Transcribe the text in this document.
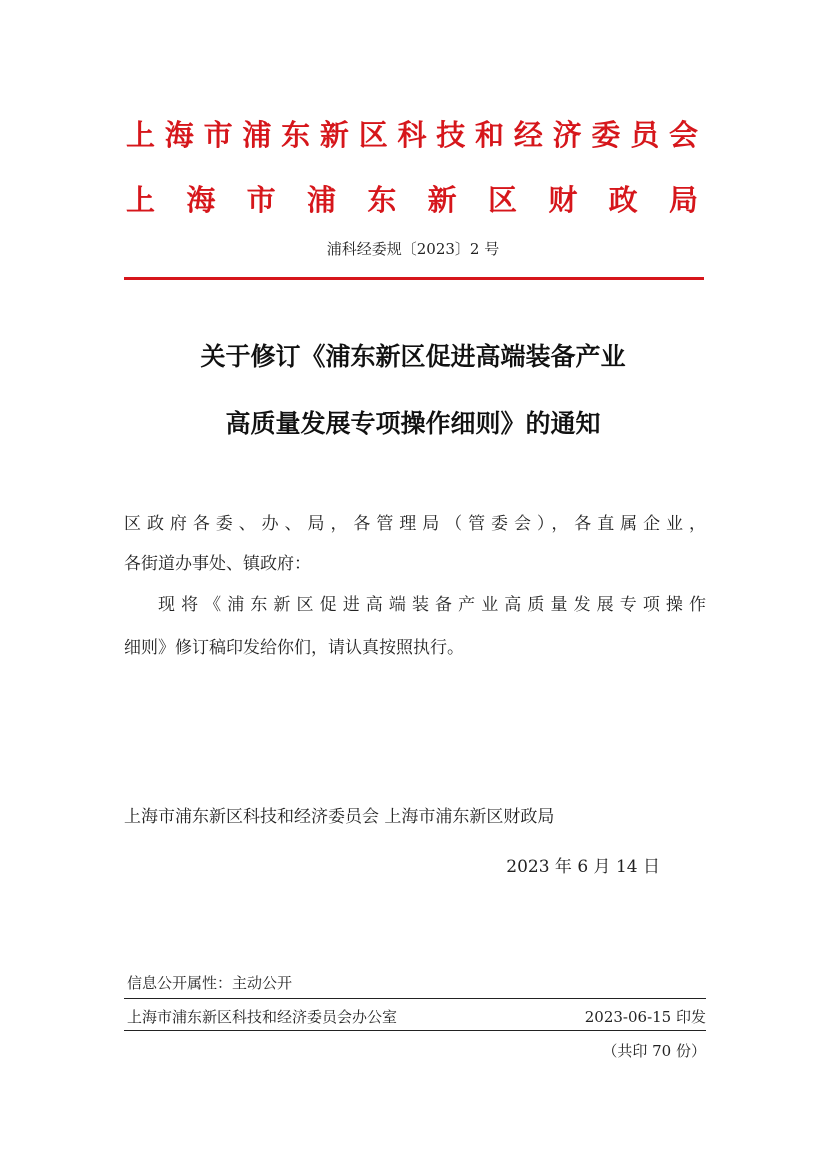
上海市浦东新区科技和经济委员会
上海市浦东新区财政局
浦科经委规〔2023〕2 号
关于修订《浦东新区促进高端装备产业
高质量发展专项操作细则》的通知
区政府各委、办、局，各管理局（管委会），各直属企业，
各街道办事处、镇政府：
现将《浦东新区促进高端装备产业高质量发展专项操作
细则》修订稿印发给你们，请认真按照执行。
上海市浦东新区科技和经济委员会 上海市浦东新区财政局
2023 年 6 月 14 日
信息公开属性：主动公开
上海市浦东新区科技和经济委员会办公室	2023-06-15 印发
（共印 70 份）
